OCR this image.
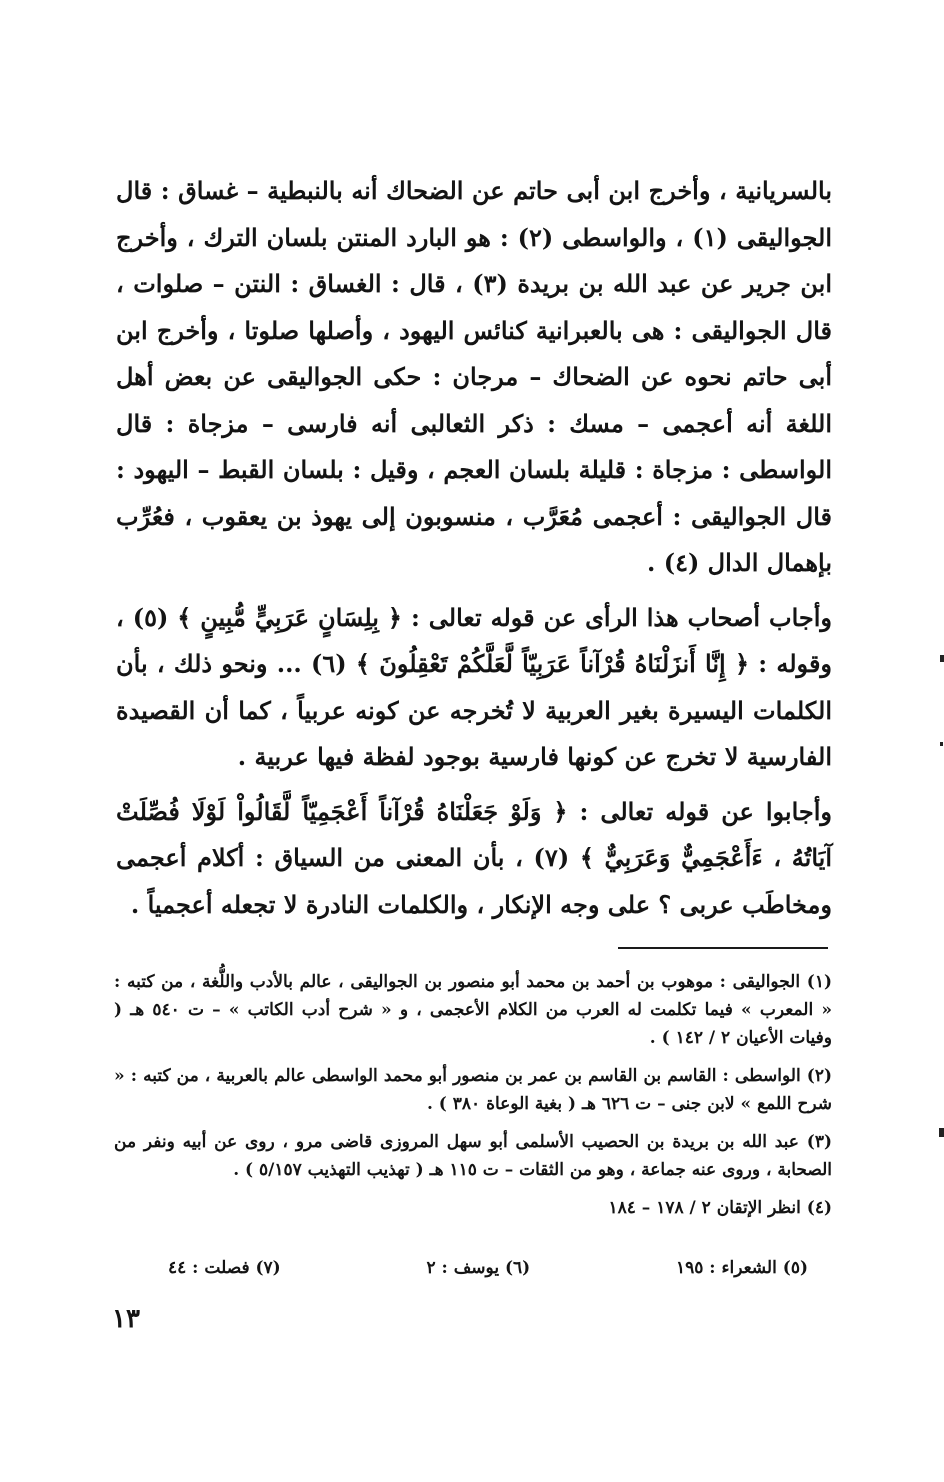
بالسريانية ، وأخرج ابن أبى حاتم عن الضحاك أنه بالنبطية – غساق : قال الجواليقى (١) ، والواسطى (٢) : هو البارد المنتن بلسان الترك ، وأخرج ابن جرير عن عبد الله بن بريدة (٣) ، قال : الغساق : النتن – صلوات ، قال الجواليقى : هى بالعبرانية كنائس اليهود ، وأصلها صلوتا ، وأخرج ابن أبى حاتم نحوه عن الضحاك – مرجان : حكى الجواليقى عن بعض أهل اللغة أنه أعجمى – مسك : ذكر الثعالبى أنه فارسى – مزجاة : قال الواسطى : مزجاة : قليلة بلسان العجم ، وقيل : بلسان القبط – اليهود : قال الجواليقى : أعجمى مُعَرَّب ، منسوبون إلى يهوذ بن يعقوب ، فعُرِّب بإهمال الدال (٤) .

وأجاب أصحاب هذا الرأى عن قوله تعالى : ﴿ بِلِسَانٍ عَرَبِيٍّ مُّبِينٍ ﴾ (٥) ، وقوله : ﴿ إِنَّا أَنزَلْنَاهُ قُرْآناً عَرَبِيّاً لَّعَلَّكُمْ تَعْقِلُونَ ﴾ (٦) ... ونحو ذلك ، بأن الكلمات اليسيرة بغير العربية لا تُخرجه عن كونه عربياً ، كما أن القصيدة الفارسية لا تخرج عن كونها فارسية بوجود لفظة فيها عربية .

وأجابوا عن قوله تعالى : ﴿ وَلَوْ جَعَلْنَاهُ قُرْآناً أَعْجَمِيّاً لَّقَالُواْ لَوْلَا فُصِّلَتْ آيَاتُهُ ، ءَأَعْجَمِيٌّ وَعَرَبِيٌّ ﴾ (٧) ، بأن المعنى من السياق : أكلام أعجمى ومخاطَب عربى ؟ على وجه الإنكار ، والكلمات النادرة لا تجعله أعجمياً .

(١) الجواليقى : موهوب بن أحمد بن محمد أبو منصور بن الجواليقى ، عالم بالأدب واللُّغة ، من كتبه : « المعرب » فيما تكلمت له العرب من الكلام الأعجمى ، و « شرح أدب الكاتب » – ت ٥٤٠ هـ ( وفيات الأعيان ٢ / ١٤٢ ) .

(٢) الواسطى : القاسم بن القاسم بن عمر بن منصور أبو محمد الواسطى عالم بالعربية ، من كتبه : « شرح اللمع » لابن جنى – ت ٦٢٦ هـ ( بغية الوعاة ٣٨٠ ) .

(٣) عبد الله بن بريدة بن الحصيب الأسلمى أبو سهل المروزى قاضى مرو ، روى عن أبيه ونفر من الصحابة ، وروى عنه جماعة ، وهو من الثقات – ت ١١٥ هـ ( تهذيب التهذيب ٥/١٥٧ ) .

(٤) انظر الإتقان ٢ / ١٧٨ – ١٨٤

(٥) الشعراء : ١٩٥
(٦) يوسف : ٢
(٧) فصلت : ٤٤
١٣
